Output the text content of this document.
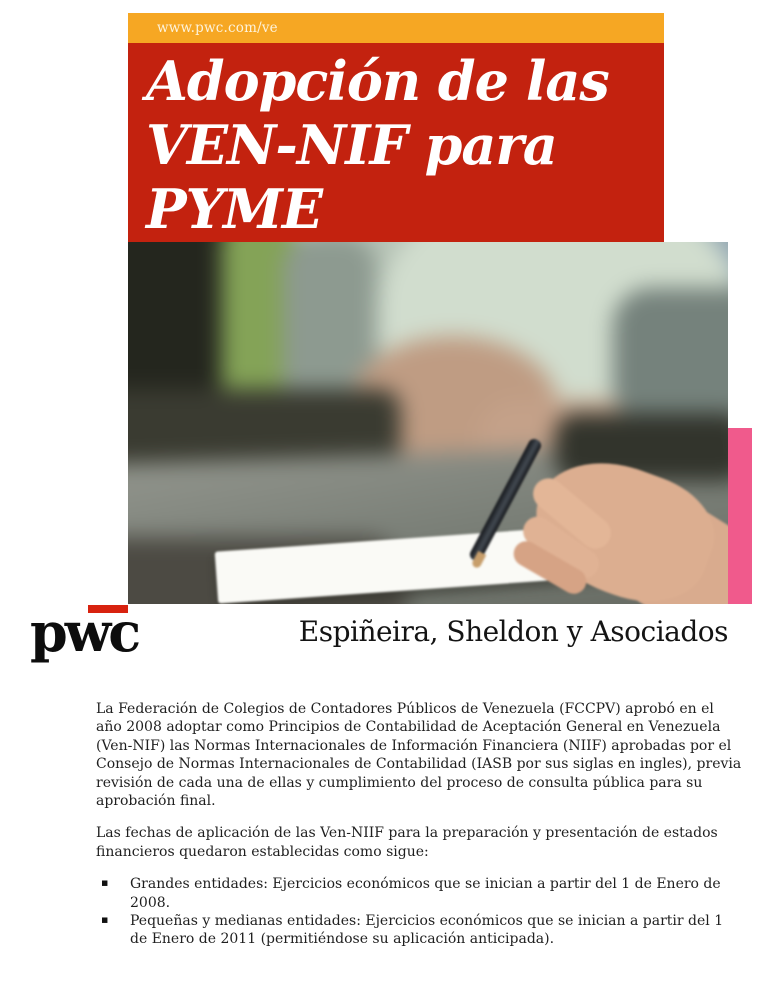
www.pwc.com/ve
Adopción de las
VEN-NIF para
PYME
pwc	Espiñeira, Sheldon y Asociados

La Federación de Colegios de Contadores Públicos de Venezuela (FCCPV) aprobó en el año 2008 adoptar como Principios de Contabilidad de Aceptación General en Venezuela (Ven-NIF) las Normas Internacionales de Información Financiera (NIIF) aprobadas por el Consejo de Normas Internacionales de Contabilidad (IASB por sus siglas en ingles), previa revisión de cada una de ellas y cumplimiento del proceso de consulta pública para su aprobación final.

Las fechas de aplicación de las Ven-NIIF para la preparación y presentación de estados financieros quedaron establecidas como sigue:

▪ Grandes entidades: Ejercicios económicos que se inician a partir del 1 de Enero de 2008.
▪ Pequeñas y medianas entidades: Ejercicios económicos que se inician a partir del 1 de Enero de 2011 (permitiéndose su aplicación anticipada).
